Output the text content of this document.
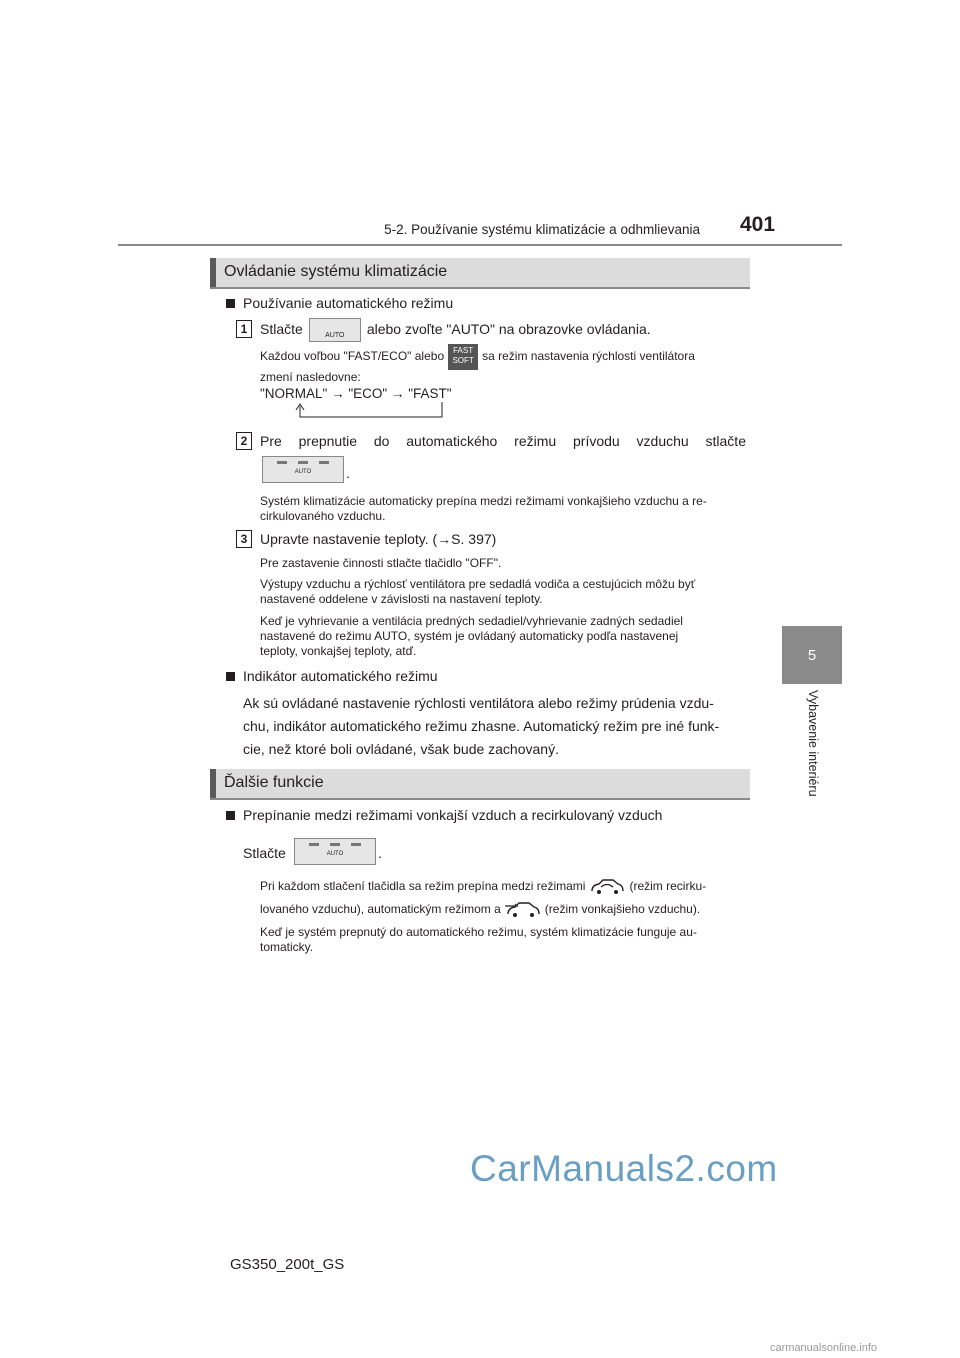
5-2. Používanie systému klimatizácie a odhmlievania 401
5
Vybavenie interiéru
Ovládanie systému klimatizácie
Používanie automatického režimu
1 Stlačte	AUTO	alebo zvoľte "AUTO" na obrazovke ovládania.
Každou voľbou "FAST/ECO" alebo FAST
SOFT sa režim nastavenia rýchlosti ventilátora
zmení nasledovne:
"NORMAL" → "ECO" → "FAST"
2 Pre prepnutie do automatického režimu prívodu vzduchu stlačte
AUTO	.
Systém klimatizácie automaticky prepína medzi režimami vonkajšieho vzduchu a re-
cirkulovaného vzduchu.
3 Upravte nastavenie teploty. (→S. 397)
Pre zastavenie činnosti stlačte tlačidlo "OFF".
Výstupy vzduchu a rýchlosť ventilátora pre sedadlá vodiča a cestujúcich môžu byť
nastavené oddelene v závislosti na nastavení teploty.
Keď je vyhrievanie a ventilácia predných sedadiel/vyhrievanie zadných sedadiel
nastavené do režimu AUTO, systém je ovládaný automaticky podľa nastavenej
teploty, vonkajšej teploty, atď.
Indikátor automatického režimu
Ak sú ovládané nastavenie rýchlosti ventilátora alebo režimy prúdenia vzdu-
chu, indikátor automatického režimu zhasne. Automatický režim pre iné funk-
cie, než ktoré boli ovládané, však bude zachovaný.
Ďalšie funkcie
Prepínanie medzi režimami vonkajší vzduch a recirkulovaný vzduch
Stlačte	AUTO	.
Pri každom stlačení tlačidla sa režim prepína medzi režimami	(režim recirku-
lovaného vzduchu), automatickým režimom a	(režim vonkajšieho vzduchu).
Keď je systém prepnutý do automatického režimu, systém klimatizácie funguje au-
tomaticky.
CarManuals2.com
GS350_200t_GS
carmanualsonline.info
